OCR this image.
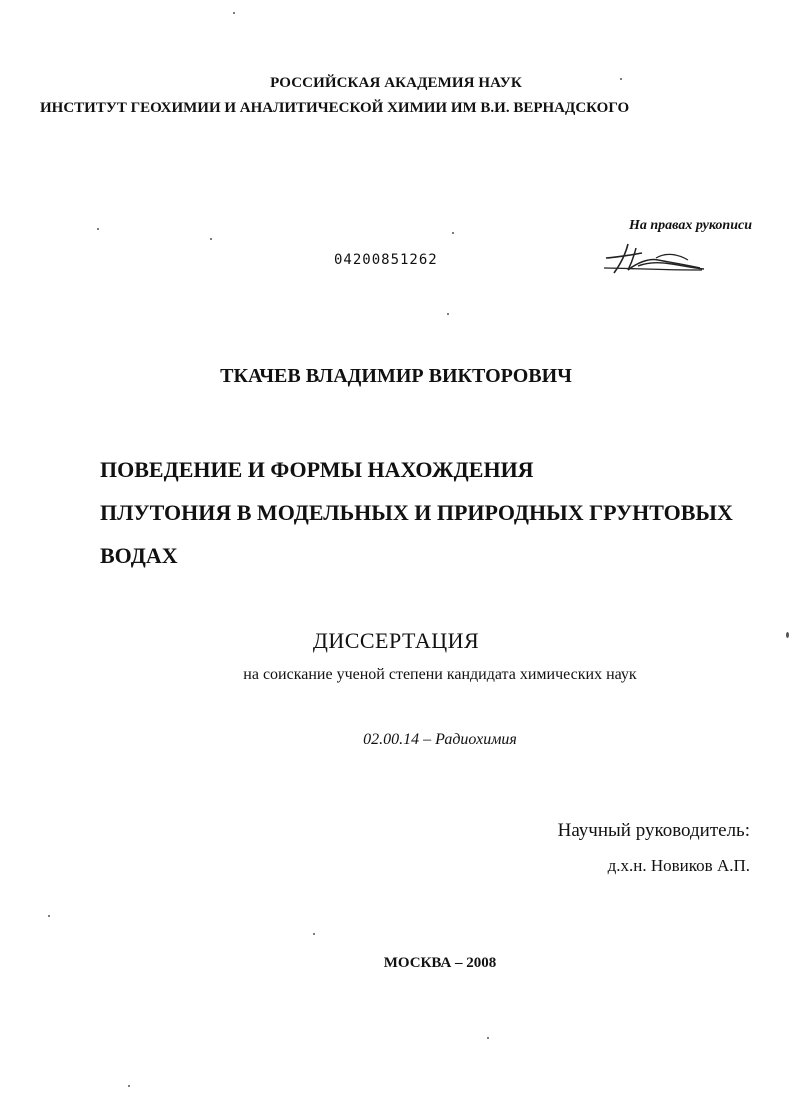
РОССИЙСКАЯ АКАДЕМИЯ НАУК
ИНСТИТУТ ГЕОХИМИИ И АНАЛИТИЧЕСКОЙ ХИМИИ ИМ В.И. ВЕРНАДСКОГО
На правах рукописи
04200851262
ТКАЧЕВ ВЛАДИМИР ВИКТОРОВИЧ
ПОВЕДЕНИЕ И ФОРМЫ НАХОЖДЕНИЯ
ПЛУТОНИЯ В МОДЕЛЬНЫХ И ПРИРОДНЫХ ГРУНТОВЫХ
ВОДАХ
ДИССЕРТАЦИЯ
на соискание ученой степени кандидата химических наук
02.00.14 – Радиохимия
Научный руководитель:
д.х.н. Новиков А.П.
МОСКВА – 2008
